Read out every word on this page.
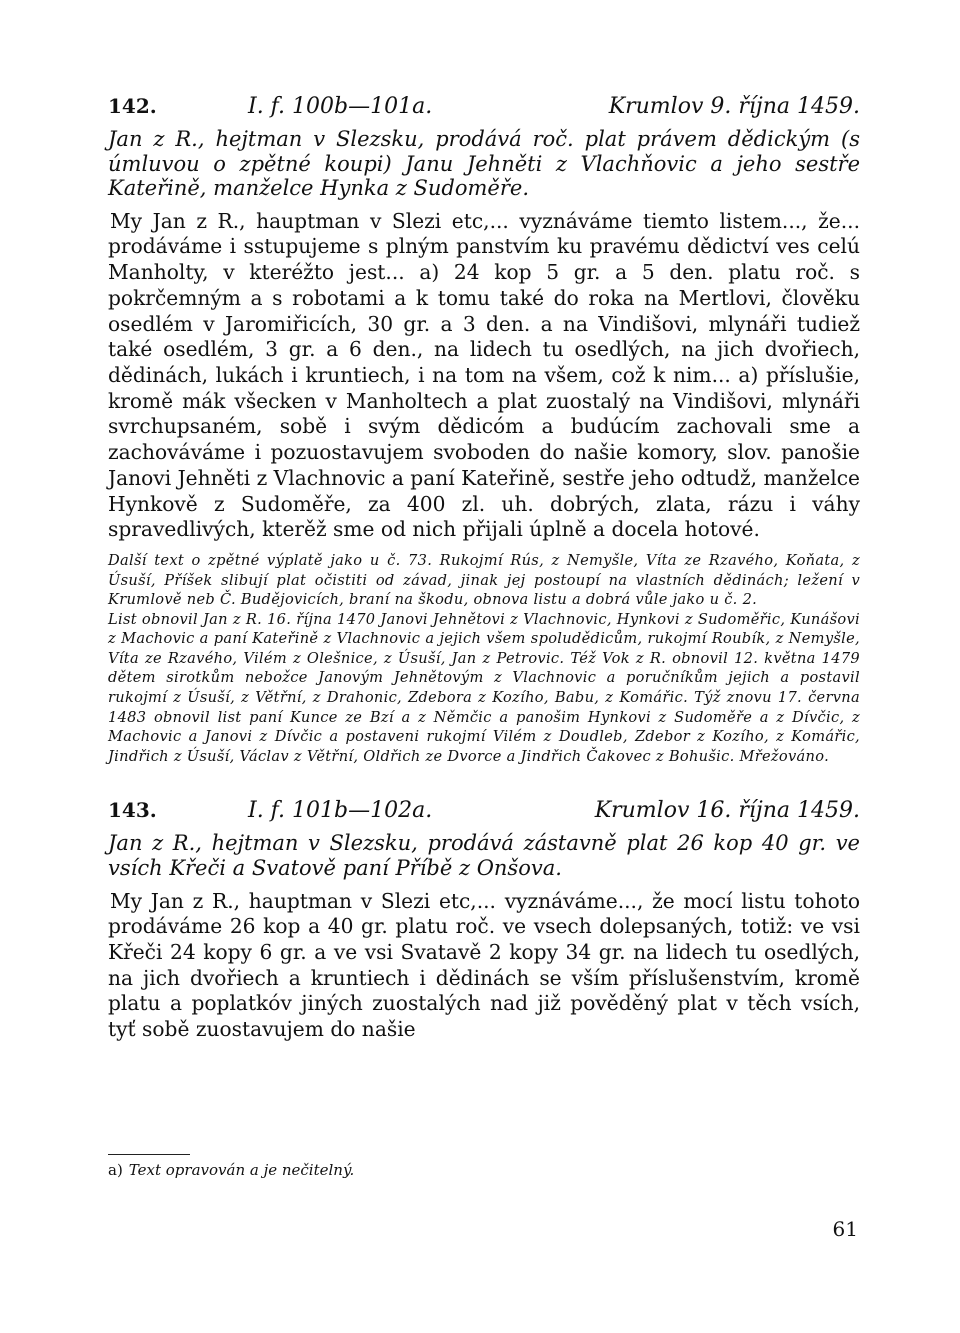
142.	I. f. 100b—101a.	Krumlov 9. října 1459.

Jan z R., hejtman v Slezsku, prodává roč. plat právem dědickým (s úmluvou o zpětné koupi) Janu Jehněti z Vlachňovic a jeho sestře Kateřině, manželce Hynka z Sudoměře.

My Jan z R., hauptman v Slezi etc,... vyznáváme tiemto listem..., že... prodáváme i sstupujeme s plným panstvím ku pravému dědictví ves celú Manholty, v kteréžto jest... a) 24 kop 5 gr. a 5 den. platu roč. s pokrčemným a s robotami a k tomu také do roka na Mertlovi, člověku osedlém v Jaromiřicích, 30 gr. a 3 den. a na Vindišovi, mlynáři tudiež také osedlém, 3 gr. a 6 den., na lidech tu osedlých, na jich dvořiech, dědinách, lukách i kruntiech, i na tom na všem, což k nim... a) příslušie, kromě mák všecken v Manholtech a plat zuostalý na Vindišovi, mlynáři svrchupsaném, sobě i svým dědicóm a budúcím zachovali sme a zachováváme i pozuostavujem svoboden do našie komory, slov. panošie Janovi Jehněti z Vlachnovic a paní Kateřině, sestře jeho odtudž, manželce Hynkově z Sudoměře, za 400 zl. uh. dobrých, zlata, rázu i váhy spravedlivých, kterěž sme od nich přijali úplně a docela hotové.

Další text o zpětné výplatě jako u č. 73. Rukojmí Rús, z Nemyšle, Víta ze Rzavého, Koňata, z Úsuší, Příšek slibují plat očistiti od závad, jinak jej postoupí na vlastních dědinách; ležení v Krumlově neb Č. Budějovicích, braní na škodu, obnova listu a dobrá vůle jako u č. 2.

List obnovil Jan z R. 16. října 1470 Janovi Jehnětovi z Vlachnovic, Hynkovi z Sudoměřic, Kunášovi z Machovic a paní Kateřině z Vlachnovic a jejich všem spoludědicům, rukojmí Roubík, z Nemyšle, Víta ze Rzavého, Vilém z Olešnice, z Úsuší, Jan z Petrovic. Též Vok z R. obnovil 12. května 1479 dětem sirotkům nebožce Janovým Jehnětovým z Vlachnovic a poručníkům jejich a postavil rukojmí z Úsuší, z Větřní, z Drahonic, Zdebora z Kozího, Babu, z Komářic. Týž znovu 17. června 1483 obnovil list paní Kunce ze Bzí a z Němčic a panošim Hynkovi z Sudoměře a z Dívčic, z Machovic a Janovi z Dívčic a postaveni rukojmí Vilém z Doudleb, Zdebor z Kozího, z Komářic, Jindřich z Úsuší, Václav z Větřní, Oldřich ze Dvorce a Jindřich Čakovec z Bohušic. Mřežováno.

143.	I. f. 101b—102a.	Krumlov 16. října 1459.

Jan z R., hejtman v Slezsku, prodává zástavně plat 26 kop 40 gr. ve vsích Křeči a Svatově paní Příbě z Onšova.

My Jan z R., hauptman v Slezi etc,... vyznáváme..., že mocí listu tohoto prodáváme 26 kop a 40 gr. platu roč. ve vsech dolepsaných, totiž: ve vsi Křeči 24 kopy 6 gr. a ve vsi Svatavě 2 kopy 34 gr. na lidech tu osedlých, na jich dvořiech a kruntiech i dědinách se vším příslušenstvím, kromě platu a poplatkóv jiných zuostalých nad již pověděný plat v těch vsích, tyť sobě zuostavujem do našie

a) Text opravován a je nečitelný.
61
